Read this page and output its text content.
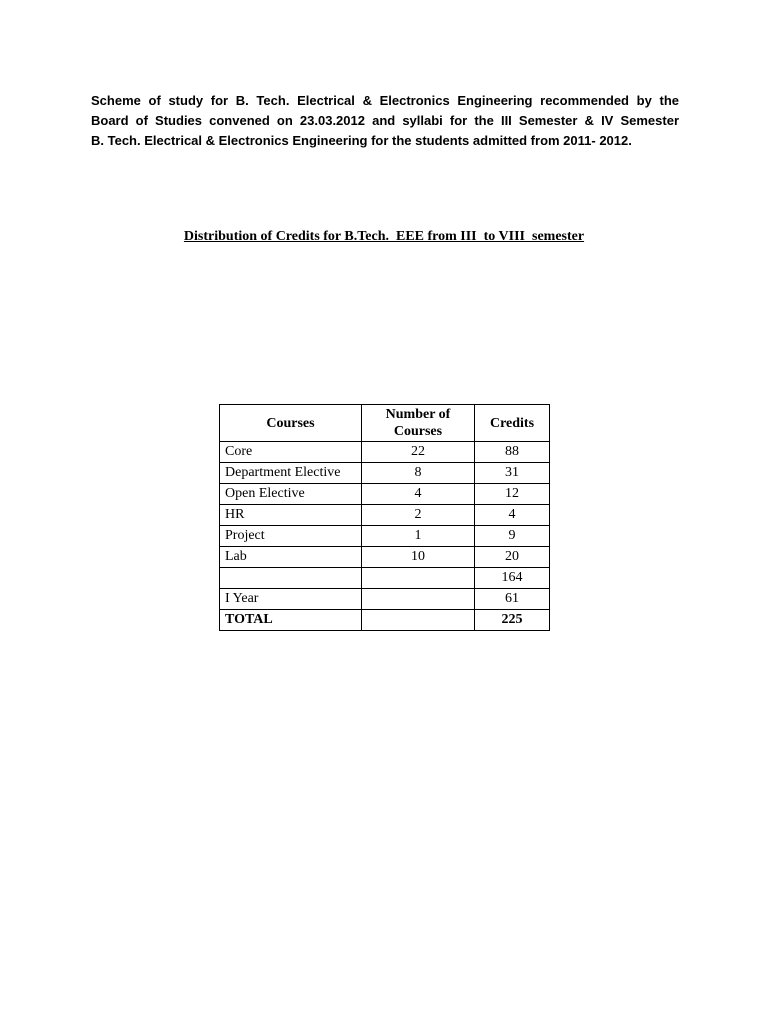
Scheme of study for B. Tech. Electrical & Electronics Engineering recommended by the
Board of Studies convened on 23.03.2012 and syllabi for the III Semester & IV Semester
B. Tech. Electrical & Electronics Engineering for the students admitted from 2011- 2012.
Distribution of Credits for B.Tech.  EEE from III  to VIII  semester
Courses	Number of Courses	Credits
Core	22	88
Department Elective	8	31
Open Elective	4	12
HR	2	4
Project	1	9
Lab	10	20
		164
I Year		61
TOTAL		225
